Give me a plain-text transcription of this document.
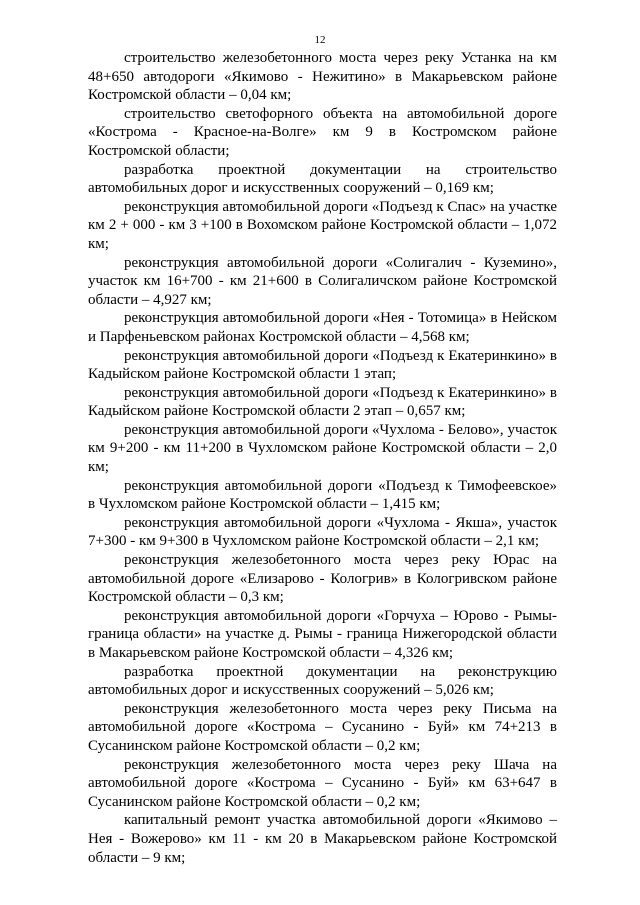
12

строительство железобетонного моста через реку Устанка на км 48+650 автодороги «Якимово - Нежитино» в Макарьевском районе Костромской области – 0,04 км;

строительство светофорного объекта на автомобильной дороге «Кострома - Красное-на-Волге» км 9 в Костромском районе Костромской области;

разработка проектной документации на строительство автомобильных дорог и искусственных сооружений – 0,169 км;

реконструкция автомобильной дороги «Подъезд к Спас» на участке км 2 + 000 - км 3 +100 в Вохомском районе Костромской области – 1,072 км;

реконструкция автомобильной дороги «Солигалич - Куземино», участок км 16+700 - км 21+600 в Солигаличском районе Костромской области – 4,927 км;

реконструкция автомобильной дороги «Нея - Тотомица» в Нейском и Парфеньевском районах Костромской области – 4,568 км;

реконструкция автомобильной дороги «Подъезд к Екатеринкино» в Кадыйском районе Костромской области 1 этап;

реконструкция автомобильной дороги «Подъезд к Екатеринкино» в Кадыйском районе Костромской области 2 этап – 0,657 км;

реконструкция автомобильной дороги «Чухлома - Белово», участок км 9+200 - км 11+200 в Чухломском районе Костромской области – 2,0 км;

реконструкция автомобильной дороги «Подъезд к Тимофеевское» в Чухломском районе Костромской области – 1,415 км;

реконструкция автомобильной дороги «Чухлома - Якша», участок 7+300 - км 9+300 в Чухломском районе Костромской области – 2,1 км;

реконструкция железобетонного моста через реку Юрас на автомобильной дороге «Елизарово - Кологрив» в Кологривском районе Костромской области – 0,3 км;

реконструкция автомобильной дороги «Горчуха – Юрово - Рымы- граница области» на участке д. Рымы - граница Нижегородской области в Макарьевском районе Костромской области – 4,326 км;

разработка проектной документации на реконструкцию автомобильных дорог и искусственных сооружений – 5,026 км;

реконструкция железобетонного моста через реку Письма на автомобильной дороге «Кострома – Сусанино - Буй» км 74+213 в Сусанинском районе Костромской области – 0,2 км;

реконструкция железобетонного моста через реку Шача на автомобильной дороге «Кострома – Сусанино - Буй» км 63+647 в Сусанинском районе Костромской области – 0,2 км;

капитальный ремонт участка автомобильной дороги «Якимово – Нея - Вожерово» км 11 - км 20 в Макарьевском районе Костромской области – 9 км;
